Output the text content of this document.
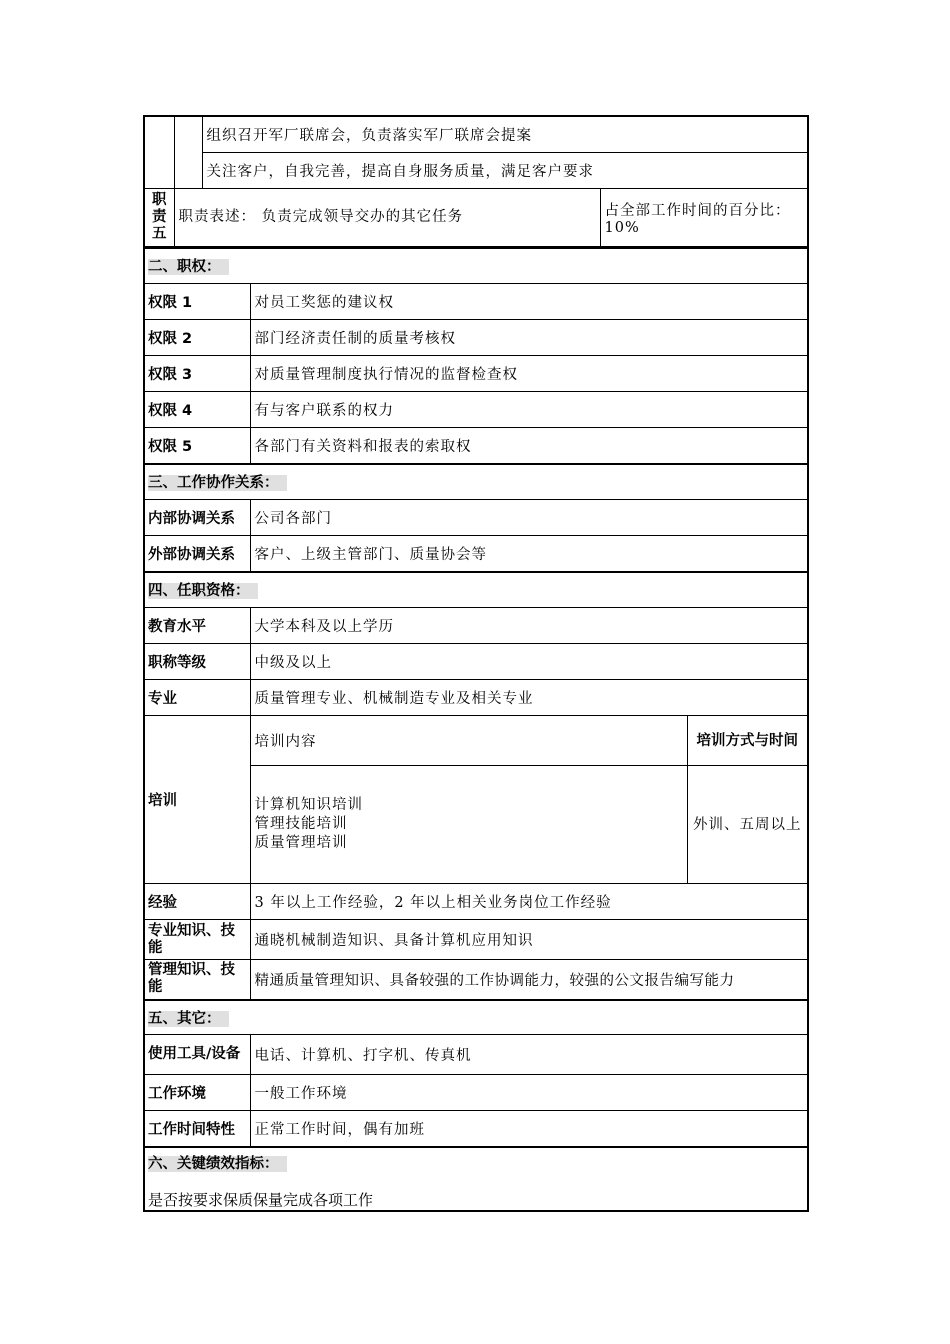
		组织召开军厂联席会，负责落实军厂联席会提案	
		关注客户，自我完善，提高自身服务质量，满足客户要求	
职责五	职责表述： 负责完成领导交办的其它任务		占全部工作时间的百分比：10%
二、职权：		
权限 1	对员工奖惩的建议权	
权限 2	部门经济责任制的质量考核权	
权限 3	对质量管理制度执行情况的监督检查权	
权限 4	有与客户联系的权力	
权限 5	各部门有关资料和报表的索取权	
三、工作协作关系：		
内部协调关系	公司各部门	
外部协调关系	客户、上级主管部门、质量协会等	
四、任职资格：		
教育水平	大学本科及以上学历	
职称等级	中级及以上	
专业	质量管理专业、机械制造专业及相关专业	
培训	培训内容	培训方式与时间

	计算机知识培训
管理技能培训
质量管理培训	外训、五周以上
经验	3 年以上工作经验，2 年以上相关业务岗位工作经验	
专业知识、技能	通晓机械制造知识、具备计算机应用知识	
管理知识、技能	精通质量管理知识、具备较强的工作协调能力，较强的公文报告编写能力	
五、其它：		
使用工具/设备	电话、计算机、打字机、传真机	
工作环境	一般工作环境	
工作时间特性	正常工作时间，偶有加班	

六、关键绩效指标：
是否按要求保质保量完成各项工作		
